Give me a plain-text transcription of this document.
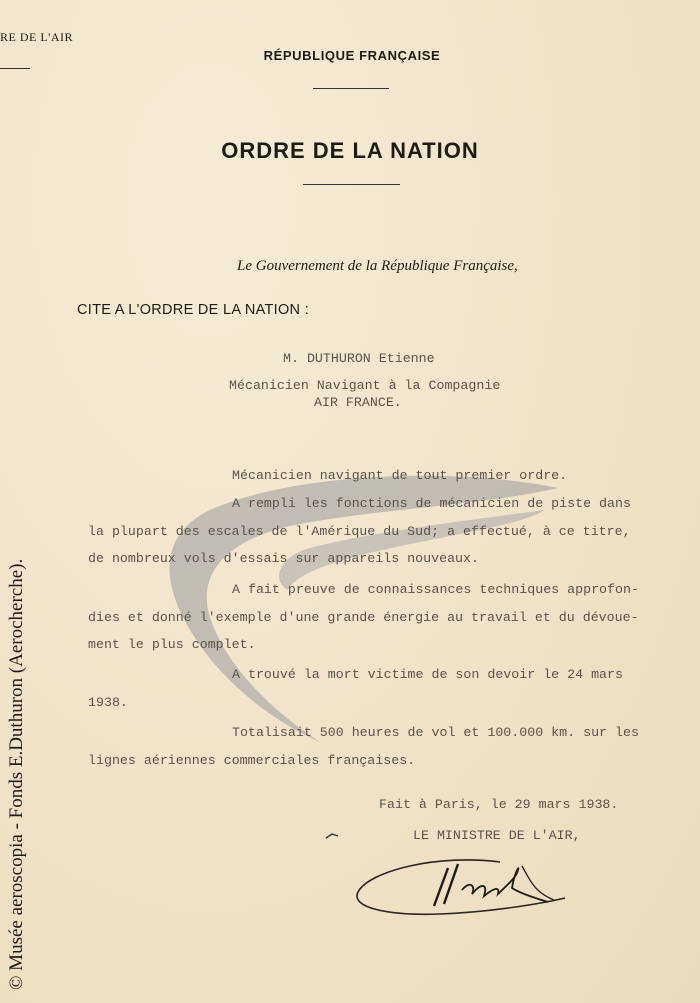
RE DE L'AIR
RÉPUBLIQUE FRANÇAISE
ORDRE DE LA NATION
Le Gouvernement de la République Française,
CITE A L'ORDRE DE LA NATION :
M. DUTHURON Etienne
Mécanicien Navigant à la Compagnie
AIR FRANCE.
Mécanicien navigant de tout premier ordre.
A rempli les fonctions de mécanicien de piste dans
la plupart des escales de l'Amérique du Sud; a effectué, à ce titre,
de nombreux vols d'essais sur appareils nouveaux.
A fait preuve de connaissances techniques approfon-
dies et donné l'exemple d'une grande énergie au travail et du dévoue-
ment le plus complet.
A trouvé la mort victime de son devoir le 24 mars
1938.
Totalisait 500 heures de vol et 100.000 km. sur les
lignes aériennes commerciales françaises.
Fait à Paris, le 29 mars 1938.
LE MINISTRE DE L'AIR,
© Musée aeroscopia - Fonds E.Duthuron (Aerocherche).
